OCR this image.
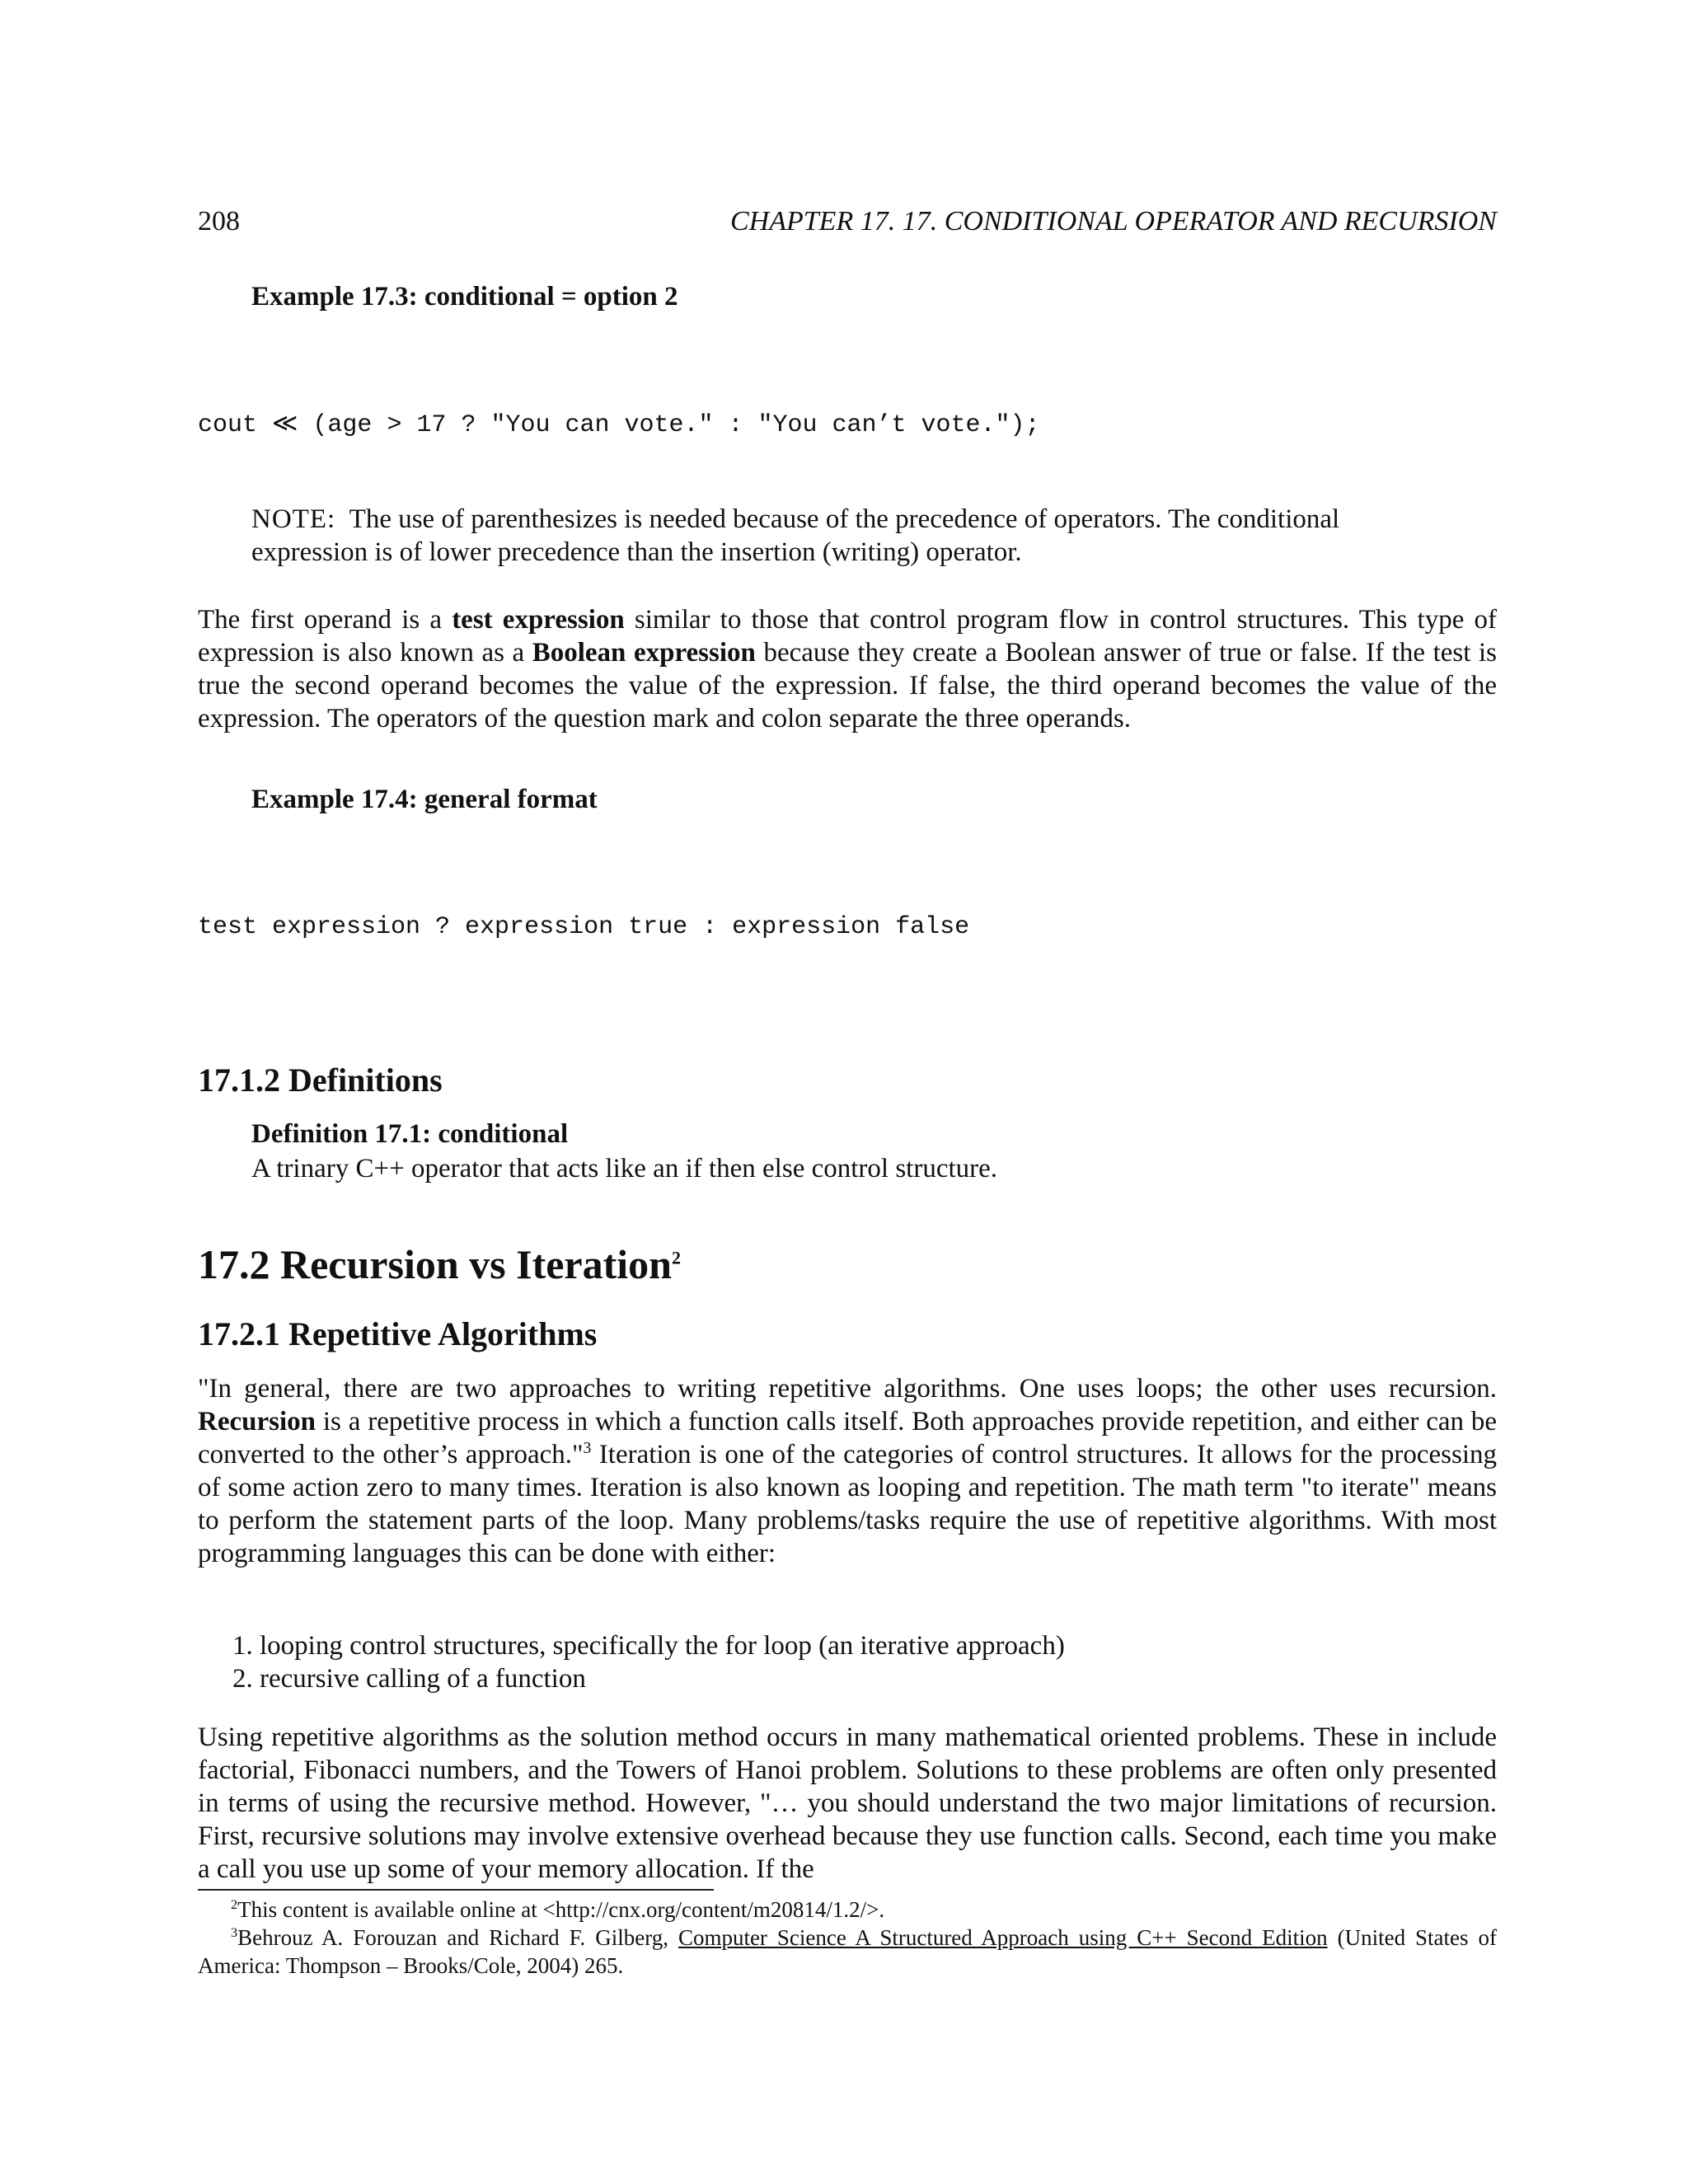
208	CHAPTER 17. 17. CONDITIONAL OPERATOR AND RECURSION
Example 17.3: conditional = option 2
cout ≪ (age > 17 ? "You can vote." : "You can’t vote.");
NOTE: The use of parenthesizes is needed because of the precedence of operators. The conditional
expression is of lower precedence than the insertion (writing) operator.
The first operand is a test expression similar to those that control program flow in control structures. This type of expression is also known as a Boolean expression because they create a Boolean answer of true or false. If the test is true the second operand becomes the value of the expression. If false, the third operand becomes the value of the expression. The operators of the question mark and colon separate the three operands.
Example 17.4: general format
test expression ? expression true : expression false
17.1.2 Definitions
Definition 17.1: conditional
A trinary C++ operator that acts like an if then else control structure.
17.2 Recursion vs Iteration$^2$
17.2.1 Repetitive Algorithms
"In general, there are two approaches to writing repetitive algorithms. One uses loops; the other uses recursion. Recursion is a repetitive process in which a function calls itself. Both approaches provide repetition, and either can be converted to the other’s approach."$^3$ Iteration is one of the categories of control structures. It allows for the processing of some action zero to many times. Iteration is also known as looping and repetition. The math term "to iterate" means to perform the statement parts of the loop. Many problems/tasks require the use of repetitive algorithms. With most programming languages this can be done with either:
1. looping control structures, specifically the for loop (an iterative approach)
2. recursive calling of a function
Using repetitive algorithms as the solution method occurs in many mathematical oriented problems. These in include factorial, Fibonacci numbers, and the Towers of Hanoi problem. Solutions to these problems are often only presented in terms of using the recursive method. However, "… you should understand the two major limitations of recursion. First, recursive solutions may involve extensive overhead because they use function calls. Second, each time you make a call you use up some of your memory allocation. If the
$^2$This content is available online at <http://cnx.org/content/m20814/1.2/>.
$^3$Behrouz A. Forouzan and Richard F. Gilberg, Computer Science A Structured Approach using C++ Second Edition (United States of America: Thompson – Brooks/Cole, 2004) 265.
